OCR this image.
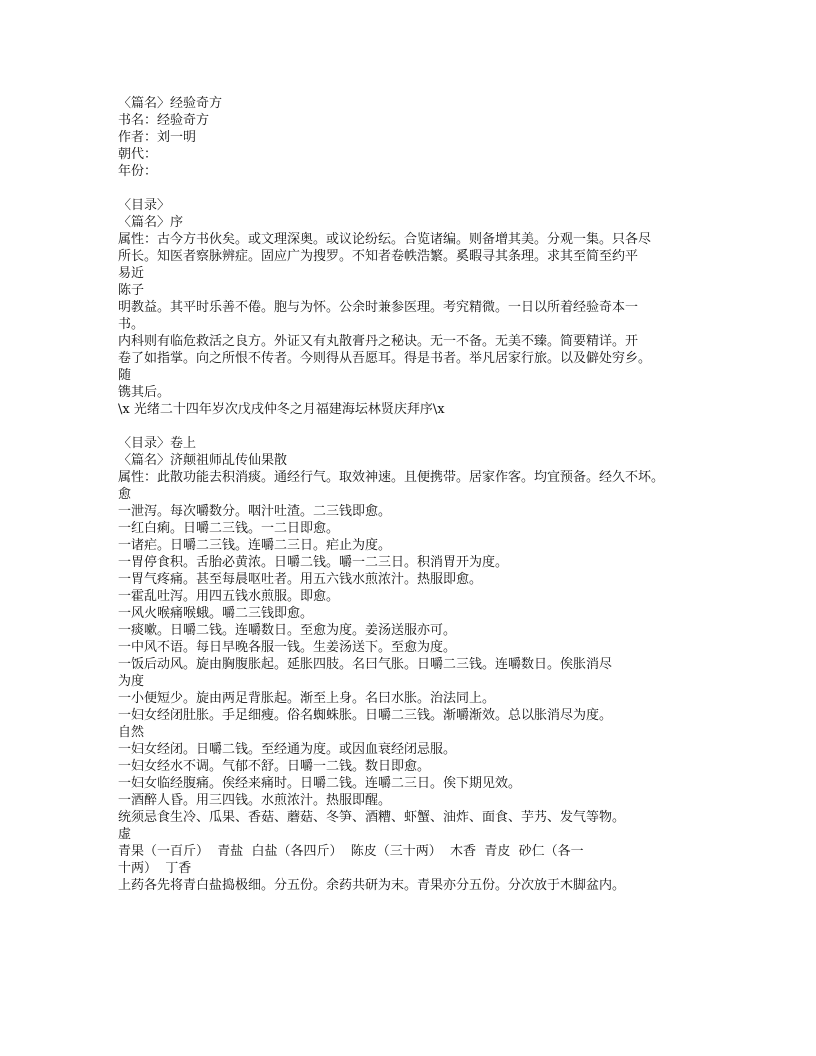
〈篇名〉经验奇方
书名：经验奇方
作者：刘一明
朝代：
年份：
〈目录〉
〈篇名〉序
属性：古今方书伙矣。或文理深奥。或议论纷纭。合览诸编。则备增其美。分观一集。只各尽
所长。知医者察脉辨症。固应广为搜罗。不知者卷帙浩繁。奚暇寻其条理。求其至简至约平
易近
陈子
明教益。其平时乐善不倦。胞与为怀。公余时兼参医理。考究精微。一日以所着经验奇本一
书。
内科则有临危救活之良方。外证又有丸散膏丹之秘诀。无一不备。无美不臻。简要精详。开
卷了如指掌。向之所恨不传者。今则得从吾愿耳。得是书者。举凡居家行旅。以及僻处穷乡。
随
镌其后。
\x 光绪二十四年岁次戊戌仲冬之月福建海坛林贤庆拜序\x
〈目录〉卷上
〈篇名〉济颠祖师乩传仙果散
属性：此散功能去积消痰。通经行气。取效神速。且便携带。居家作客。均宜预备。经久不坏。
愈
一泄泻。每次嚼数分。咽汁吐渣。二三钱即愈。
一红白痢。日嚼二三钱。一二日即愈。
一诸疟。日嚼二三钱。连嚼二三日。疟止为度。
一胃停食积。舌胎必黄浓。日嚼二钱。嚼一二三日。积消胃开为度。
一胃气疼痛。甚至每晨呕吐者。用五六钱水煎浓汁。热服即愈。
一霍乱吐泻。用四五钱水煎服。即愈。
一风火喉痛喉蛾。嚼二三钱即愈。
一痰嗽。日嚼二钱。连嚼数日。至愈为度。姜汤送服亦可。
一中风不语。每日早晚各服一钱。生姜汤送下。至愈为度。
一饭后动风。旋由胸腹胀起。延胀四肢。名曰气胀。日嚼二三钱。连嚼数日。俟胀消尽
为度
一小便短少。旋由两足背胀起。渐至上身。名曰水胀。治法同上。
一妇女经闭肚胀。手足细瘦。俗名蜘蛛胀。日嚼二三钱。渐嚼渐效。总以胀消尽为度。
自然
一妇女经闭。日嚼二钱。至经通为度。或因血衰经闭忌服。
一妇女经水不调。气郁不舒。日嚼一二钱。数日即愈。
一妇女临经腹痛。俟经来痛时。日嚼二钱。连嚼二三日。俟下期见效。
一酒醉人昏。用三四钱。水煎浓汁。热服即醒。
统须忌食生冷、瓜果、香菇、蘑菇、冬笋、酒糟、虾蟹、油炸、面食、芋艿、发气等物。
虚
青果（一百斤）  青盐  白盐（各四斤）  陈皮（三十两）  木香  青皮  砂仁（各一
十两）  丁香
上药各先将青白盐捣极细。分五份。余药共研为末。青果亦分五份。分次放于木脚盆内。
